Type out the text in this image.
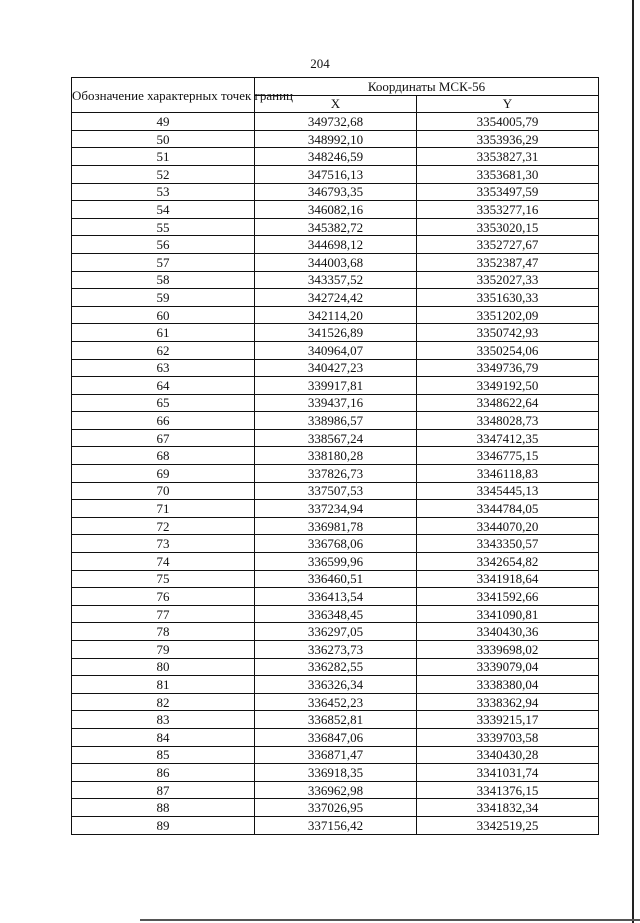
204
Обозначение характерных точек границ	Координаты МСК-56	
	X	Y
49	349732,68	3354005,79
50	348992,10	3353936,29
51	348246,59	3353827,31
52	347516,13	3353681,30
53	346793,35	3353497,59
54	346082,16	3353277,16
55	345382,72	3353020,15
56	344698,12	3352727,67
57	344003,68	3352387,47
58	343357,52	3352027,33
59	342724,42	3351630,33
60	342114,20	3351202,09
61	341526,89	3350742,93
62	340964,07	3350254,06
63	340427,23	3349736,79
64	339917,81	3349192,50
65	339437,16	3348622,64
66	338986,57	3348028,73
67	338567,24	3347412,35
68	338180,28	3346775,15
69	337826,73	3346118,83
70	337507,53	3345445,13
71	337234,94	3344784,05
72	336981,78	3344070,20
73	336768,06	3343350,57
74	336599,96	3342654,82
75	336460,51	3341918,64
76	336413,54	3341592,66
77	336348,45	3341090,81
78	336297,05	3340430,36
79	336273,73	3339698,02
80	336282,55	3339079,04
81	336326,34	3338380,04
82	336452,23	3338362,94
83	336852,81	3339215,17
84	336847,06	3339703,58
85	336871,47	3340430,28
86	336918,35	3341031,74
87	336962,98	3341376,15
88	337026,95	3341832,34
89	337156,42	3342519,25
